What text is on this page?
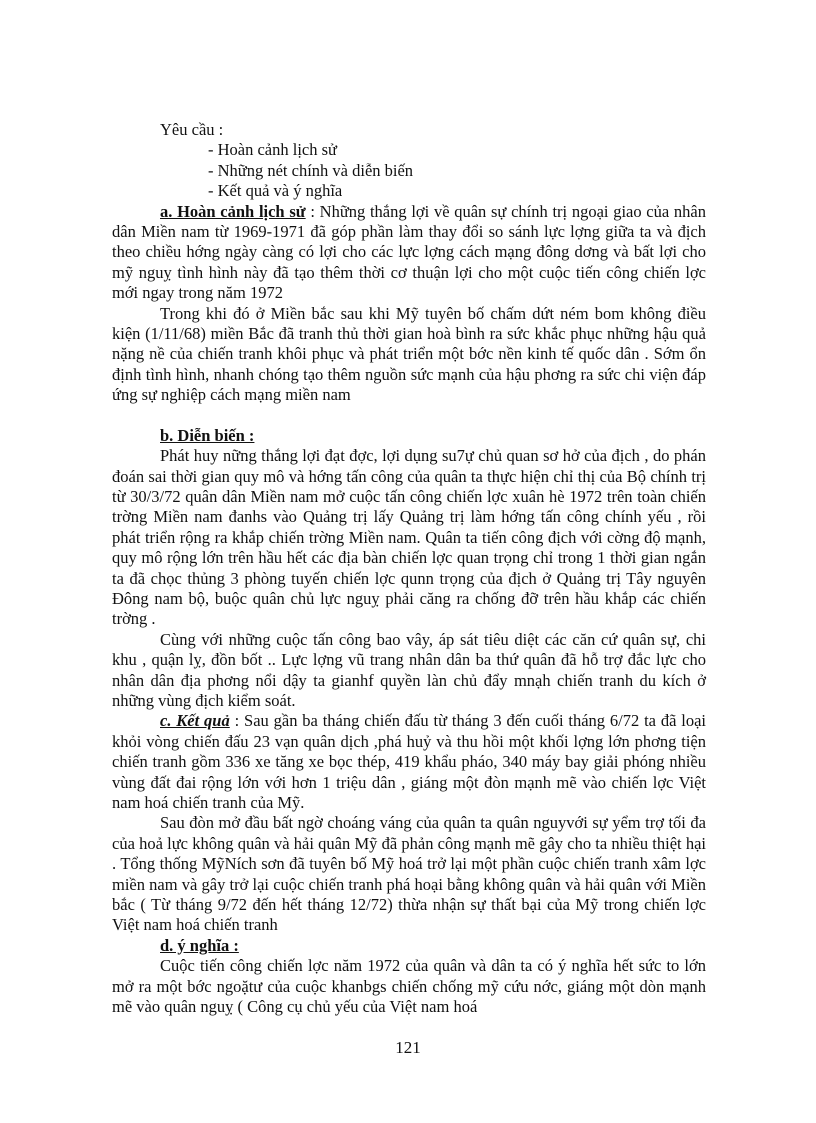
Yêu cầu :
- Hoàn cảnh lịch sử
- Những nét chính và diễn biến
- Kết quả và ý nghĩa

a. Hoàn cảnh lịch sử : Những thắng lợi về quân sự chính trị ngoại giao của nhân dân Miền nam từ 1969-1971 đã góp phần làm thay đổi so sánh lực lợng giữa ta và địch theo chiều hớng ngày càng có lợi cho các lực lợng cách mạng đông dơng và bất lợi cho mỹ nguỵ tình hình này đã tạo thêm thời cơ thuận lợi cho một cuộc tiến công chiến lợc mới ngay trong năm 1972

Trong khi đó ở Miền bắc sau khi Mỹ tuyên bố chấm dứt ném bom không điều kiện (1/11/68) miền Bắc đã tranh thủ thời gian hoà bình ra sức khắc phục những hậu quả nặng nề của chiến tranh khôi phục và phát triển một bớc nền kinh tế quốc dân . Sớm ổn định tình hình, nhanh chóng tạo thêm nguồn sức mạnh của hậu phơng ra sức chi viện đáp ứng sự nghiệp cách mạng miền nam

b. Diễn biến :

Phát huy nững thắng lợi đạt đợc, lợi dụng su7ự chủ quan sơ hở của địch , do phán đoán sai thời gian quy mô và hớng tấn công của quân ta thực hiện chỉ thị của Bộ chính trị từ 30/3/72 quân dân Miền nam mở cuộc tấn công chiến lợc xuân hè 1972 trên toàn chiến trờng Miền nam đanhs vào Quảng trị lấy Quảng trị làm hớng tấn công chính yếu , rồi phát triển rộng ra khắp chiến trờng Miền nam. Quân ta tiến công địch với cờng độ mạnh, quy mô rộng lớn trên hầu hết các địa bàn chiến lợc quan trọng chỉ trong 1 thời gian ngắn ta đã chọc thủng 3 phòng tuyến chiến lợc qunn trọng của địch ở Quảng trị Tây nguyên Đông nam bộ, buộc quân chủ lực nguỵ phải căng ra chống đỡ trên hầu khắp các chiến trờng .

Cùng với những cuộc tấn công bao vây, áp sát tiêu diệt các căn cứ quân sự, chi khu , quận lỵ, đồn bốt .. Lực lợng vũ trang nhân dân ba thứ quân đã hỗ trợ đắc lực cho nhân dân địa phơng nổi dậy ta gianhf quyền làn chủ đẩy mnạh chiến tranh du kích ở những vùng địch kiểm soát.

c. Kết quả : Sau gần ba tháng chiến đấu từ tháng 3 đến cuối tháng 6/72 ta đã loại khỏi vòng chiến đấu 23 vạn quân dịch ,phá huỷ và thu hồi một khối lợng lớn phơng tiện chiến tranh gồm 336 xe tăng xe bọc thép, 419 khẩu pháo, 340 máy bay giải phóng nhiều vùng đất đai rộng lớn với hơn 1 triệu dân , giáng một đòn mạnh mẽ vào chiến lợc Việt nam hoá chiến tranh của Mỹ.

Sau đòn mở đầu bất ngờ choáng váng của quân ta quân nguyvới sự yểm trợ tối đa của hoả lực không quân và hải quân Mỹ đã phản công mạnh mẽ gây cho ta nhiều thiệt hại . Tổng thống MỹNích sơn đã tuyên bố Mỹ hoá trở lại một phần cuộc chiến tranh xâm lợc miền nam và gây trở lại cuộc chiến tranh phá hoại bằng không quân và hải quân với Miền bắc ( Từ tháng 9/72 đến hết tháng 12/72) thừa nhận sự thất bại của Mỹ trong chiến lợc Việt nam hoá chiến tranh

d. ý nghĩa :

Cuộc tiến công chiến lợc năm 1972 của quân và dân ta có ý nghĩa hết sức to lớn mở ra một bớc ngoặtư của cuộc khanbgs chiến chống mỹ cứu nớc, giáng một dòn mạnh mẽ vào quân nguỵ ( Công cụ chủ yếu của Việt nam hoá

121
